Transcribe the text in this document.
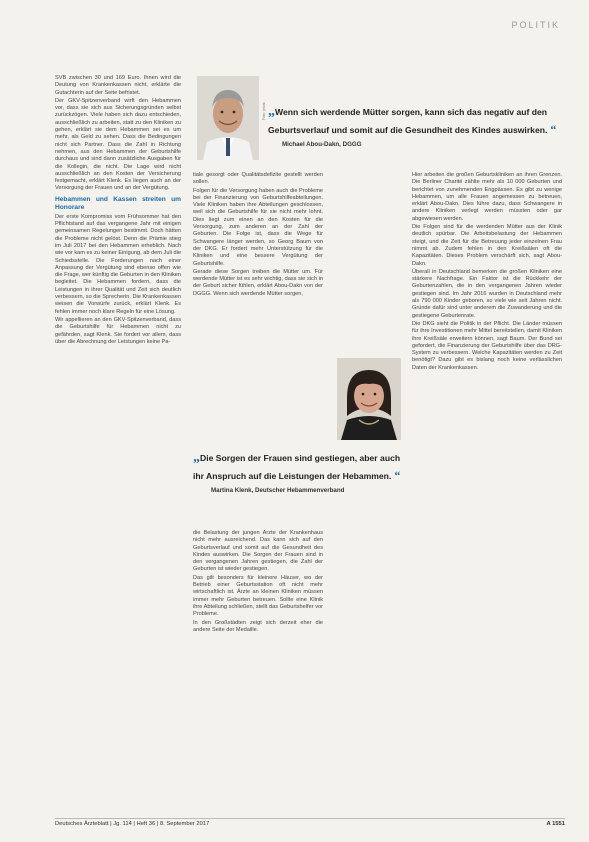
POLITIK
Foto: privat „Wenn sich werdende Mütter sorgen, kann sich das negativ auf den Geburtsverlauf und somit auf die Gesundheit des Kindes auswirken. “
Michael Abou-Dakn, DGGG

SVB zwischen 30 und 169 Euro. Ihnen wird die Deutung von Krankenkassen nicht, erklärte die Gutachterin auf der Seite befristet.

Der GKV-Spitzenverband wirft den Hebammen vor, dass sie sich aus Sicherungsgründen selbst zurückzögen. Viele haben sich dazu entschieden, ausschließlich zu arbeiten, statt zu den Kliniken zu gehen, erklärt sie dem Hebammen sei es um mehr, als Geld zu sehen. Dass die Bedingungen nicht sich Partner. Dass die Zahl in Richtung nehmen, aus den Hebammen der Geburtshilfe durchaus und sind dann zusätzliche Ausgaben für die Kollegin, die nicht. Die Lage wird nicht ausschließlich an den Kosten der Versicherung festgemacht, erklärt Klenk. Es liegen auch an der Versorgung der Frauen und an der Vergütung.

Hebammen und Kassen streiten um Honorare

Der erste Kompromiss vom Frühsommer hat den Pflichtstand auf das vergangene Jahr mit einigen gemeinsamen Regelungen bestimmt. Doch hätten die Probleme nicht gelöst. Denn die Prämie stieg im Juli 2017 bei den Hebammen erheblich. Nach wie vor kam es zu keiner Einigung, ab dem Juli die Schiedsstelle. Die Forderungen nach einer Anpassung der Vergütung sind ebenso offen wie die Frage, wer künftig die Geburten in den Kliniken begleitet. Die Hebammen fordern, dass die Leistungen in ihrer Qualität und Zeit sich deutlich verbessern, so die Sprecherin. Die Krankenkassen weisen die Vorwürfe zurück, erklärt Klenk. Es fehlen immer noch klare Regeln für eine Lösung.

Wir appellieren an den GKV-Spitzenverband, dass die Geburtshilfe für Hebammen nicht zu gefährden, sagt Klenk. Sie fordert vor allem, dass über die Abrechnung der Leistungen keine Pa-

tiale gesorgt oder Qualitätsdefizite gestellt werden sollen.

Folgen für die Versorgung haben auch die Probleme bei der Finanzierung von Geburtshilfeabteilungen. Viele Kliniken haben ihre Abteilungen geschlossen, weil sich die Geburtshilfe für sie nicht mehr lohnt. Dies liegt zum einen an den Kosten für die Versorgung, zum anderen an der Zahl der Geburten. Die Folge ist, dass die Wege für Schwangere länger werden, so Georg Baum von der DKG. Er fordert mehr Unterstützung für die Kliniken und eine bessere Vergütung der Geburtshilfe.

Gerade diese Sorgen treiben die Mütter um. Für werdende Mütter ist es sehr wichtig, dass sie sich in der Geburt sicher fühlen, erklärt Abou-Dakn von der DGGG. Wenn sich werdende Mütter sorgen,

„Die Sorgen der Frauen sind gestiegen, aber auch ihr Anspruch auf die Leistungen der Hebammen. “
Martina Klenk, Deutscher Hebammenverband

die Belastung der jungen Ärzte der Krankenhaus nicht mehr ausreichend. Das kann sich auf den Geburtsverlauf und somit auf die Gesundheit des Kindes auswirken. Die Sorgen der Frauen sind in den vergangenen Jahren gestiegen, die Zahl der Geburten ist wieder gestiegen.

Das gilt besonders für kleinere Häuser, wo der Betrieb einer Geburtsstation oft nicht mehr wirtschaftlich ist. Ärzte an kleinen Kliniken müssen immer mehr Geburten betreuen. Sollte eine Klinik ihre Abteilung schließen, stellt das Geburtshelfer vor Probleme.

In den Großstädten zeigt sich derzeit eher die andere Seite der Medaille.

Hier arbeiten die großen Geburtskliniken an ihren Grenzen. Die Berliner Charité zählte mehr als 10 000 Geburten und berichtet von zunehmenden Engpässen. Es gibt zu wenige Hebammen, um alle Frauen angemessen zu betreuen, erklärt Abou-Dakn. Dies führe dazu, dass Schwangere in andere Kliniken verlegt werden müssten oder gar abgewiesen werden.

Die Folgen sind für die werdenden Mütter aus der Klinik deutlich spürbar. Die Arbeitsbelastung der Hebammen steigt, und die Zeit für die Betreuung jeder einzelnen Frau nimmt ab. Zudem fehlen in den Kreißsälen oft die Kapazitäten. Dieses Problem verschärft sich, sagt Abou-Dakn.

Überall in Deutschland bemerken die großen Kliniken eine stärkere Nachfrage. Ein Faktor ist die Rückkehr der Geburtenzahlen, die in den vergangenen Jahren wieder gestiegen sind. Im Jahr 2016 wurden in Deutschland mehr als 790 000 Kinder geboren, so viele wie seit Jahren nicht. Gründe dafür sind unter anderem die Zuwanderung und die gestiegene Geburtenrate.

Die DKG sieht die Politik in der Pflicht. Die Länder müssen für ihre Investitionen mehr Mittel bereitstellen, damit Kliniken ihre Kreißsäle erweitern können, sagt Baum. Der Bund sei gefordert, die Finanzierung der Geburtshilfe über das DRG-System zu verbessern. Welche Kapazitäten werden zu Zeit benötigt? Dazu gibt es bislang noch keine verlässlichen Daten der Krankenkassen.

Deutsches Ärzteblatt | Jg. 114 | Heft 36 | 8. September 2017	A 1551
